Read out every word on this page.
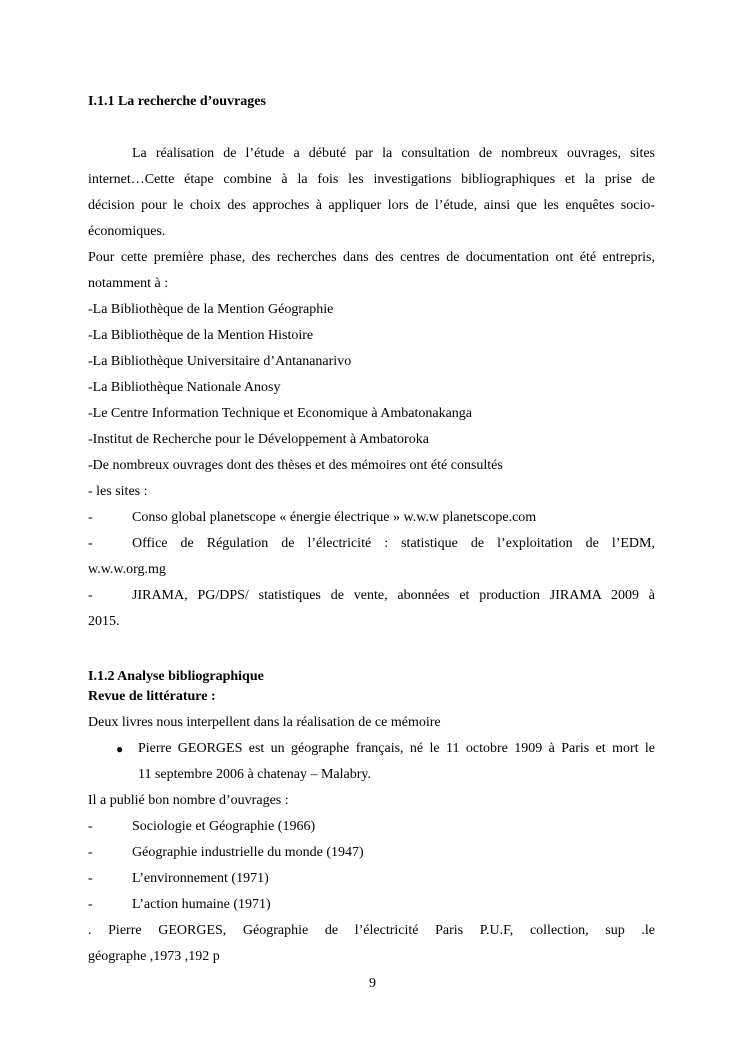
I.1.1 La recherche d’ouvrages
La réalisation de l’étude a débuté par la consultation de nombreux ouvrages, sites
internet…Cette étape combine à la fois les investigations bibliographiques et la prise de
décision pour le choix des approches à appliquer lors de l’étude, ainsi que les enquêtes socio-
économiques.
Pour cette première phase, des recherches dans des centres de documentation ont été entrepris,
notamment à :
-La Bibliothèque de la Mention Géographie
-La Bibliothèque de la Mention Histoire
-La Bibliothèque Universitaire d’Antananarivo
-La Bibliothèque Nationale Anosy
-Le Centre Information Technique et Economique à Ambatonakanga
-Institut de Recherche pour le Développement à Ambatoroka
-De nombreux ouvrages dont des thèses et des mémoires ont été consultés
- les sites :
-	Conso global planetscope « énergie électrique » w.w.w planetscope.com
-	Office de Régulation de l’électricité : statistique de l’exploitation de l’EDM,
w.w.w.org.mg
-	JIRAMA, PG/DPS/ statistiques de vente, abonnées et production JIRAMA 2009 à
2015.
I.1.2 Analyse bibliographique
Revue de littérature :
Deux livres nous interpellent dans la réalisation de ce mémoire
● Pierre GEORGES est un géographe français, né le 11 octobre 1909 à Paris et mort le
11 septembre 2006 à chatenay – Malabry.
Il a publié bon nombre d’ouvrages :
-	Sociologie et Géographie (1966)
-	Géographie industrielle du monde (1947)
-	L’environnement (1971)
-	L’action humaine (1971)
. Pierre GEORGES, Géographie de l’électricité Paris P.U.F, collection, sup .le
géographe ,1973 ,192 p
9
